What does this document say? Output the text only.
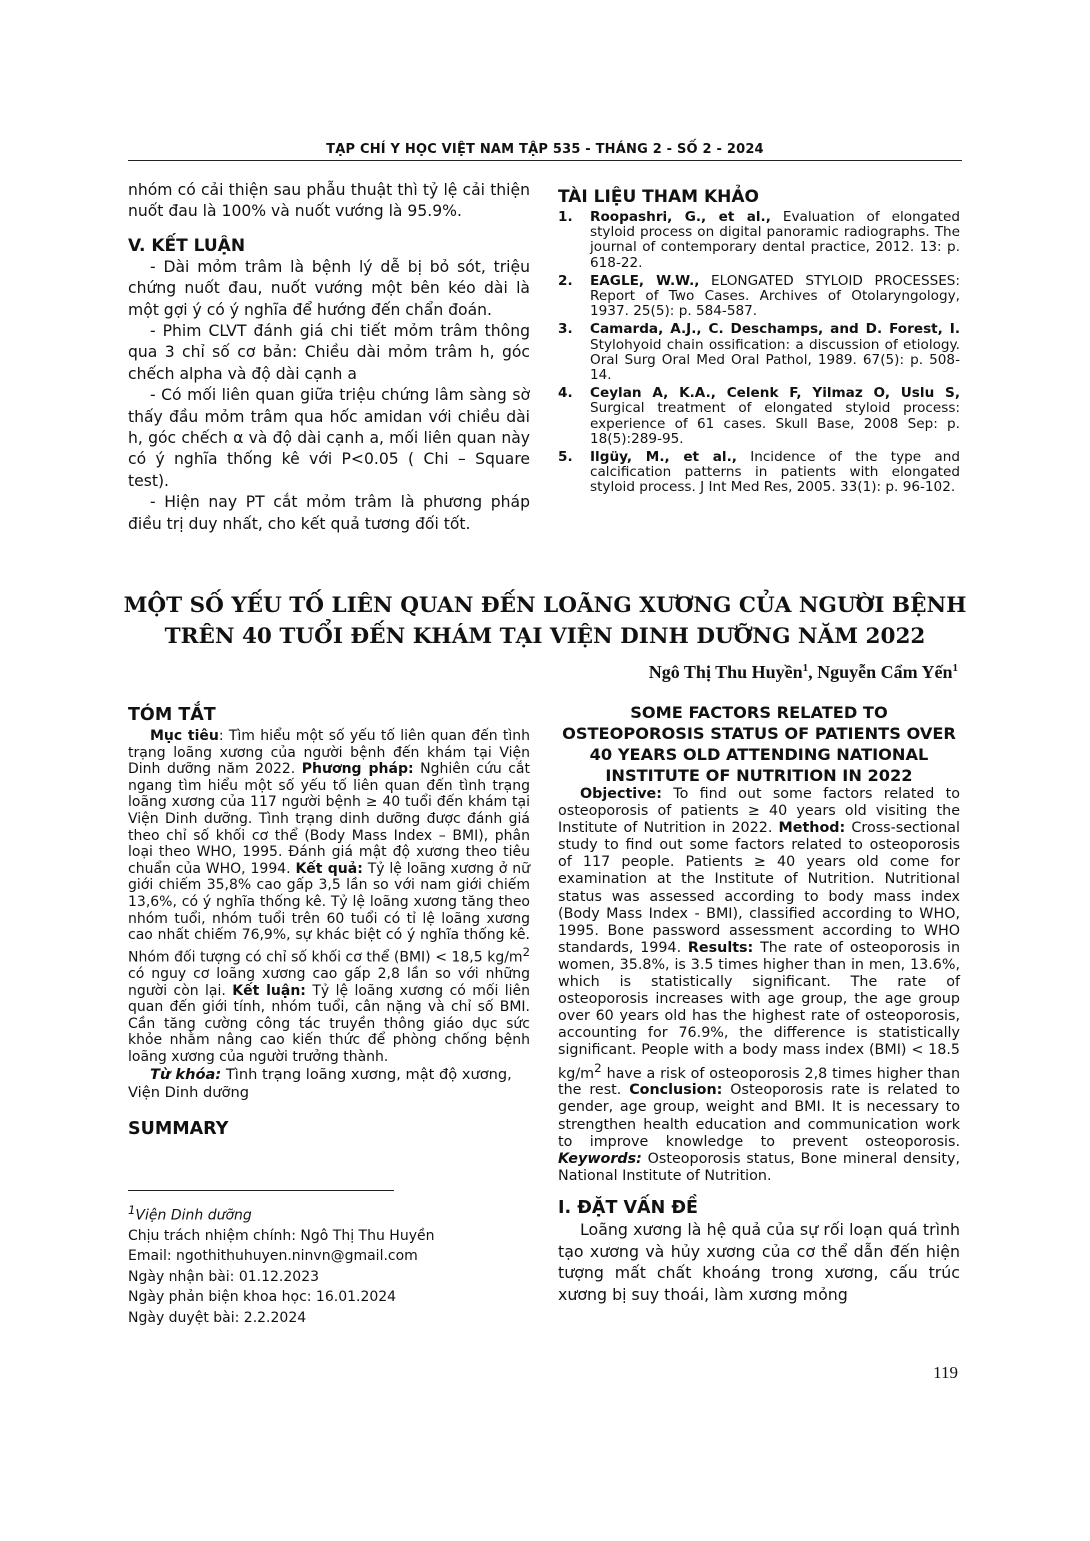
TẠP CHÍ Y HỌC VIỆT NAM TẬP 535 - THÁNG 2 - SỐ 2 - 2024

nhóm có cải thiện sau phẫu thuật thì tỷ lệ cải thiện nuốt đau là 100% và nuốt vướng là 95.9%.

V. KẾT LUẬN

- Dài mỏm trâm là bệnh lý dễ bị bỏ sót, triệu chứng nuốt đau, nuốt vướng một bên kéo dài là một gợi ý có ý nghĩa để hướng đến chẩn đoán.

- Phim CLVT đánh giá chi tiết mỏm trâm thông qua 3 chỉ số cơ bản: Chiều dài mỏm trâm h, góc chếch alpha và độ dài cạnh a

- Có mối liên quan giữa triệu chứng lâm sàng sờ thấy đầu mỏm trâm qua hốc amidan với chiều dài h, góc chếch α và độ dài cạnh a, mối liên quan này có ý nghĩa thống kê với P<0.05 ( Chi – Square test).

- Hiện nay PT cắt mỏm trâm là phương pháp điều trị duy nhất, cho kết quả tương đối tốt.

TÀI LIỆU THAM KHẢO
1.	Roopashri, G., et al., Evaluation of elongated styloid process on digital panoramic radiographs. The journal of contemporary dental practice, 2012. 13: p. 618-22.
2.	EAGLE, W.W., ELONGATED STYLOID PROCESSES: Report of Two Cases. Archives of Otolaryngology, 1937. 25(5): p. 584-587.
3.	Camarda, A.J., C. Deschamps, and D. Forest, I. Stylohyoid chain ossification: a discussion of etiology. Oral Surg Oral Med Oral Pathol, 1989. 67(5): p. 508-14.
4.	Ceylan A, K.A., Celenk F, Yilmaz O, Uslu S, Surgical treatment of elongated styloid process: experience of 61 cases. Skull Base, 2008 Sep: p. 18(5):289-95.
5.	Ilgüy, M., et al., Incidence of the type and calcification patterns in patients with elongated styloid process. J Int Med Res, 2005. 33(1): p. 96-102.
MỘT SỐ YẾU TỐ LIÊN QUAN ĐẾN LOÃNG XƯƠNG CỦA NGƯỜI BỆNH
TRÊN 40 TUỔI ĐẾN KHÁM TẠI VIỆN DINH DƯỠNG NĂM 2022
Ngô Thị Thu Huyền$^1$, Nguyễn Cẩm Yến$^1$
TÓM TẮT

Mục tiêu: Tìm hiểu một số yếu tố liên quan đến tình trạng loãng xương của người bệnh đến khám tại Viện Dinh dưỡng năm 2022. Phương pháp: Nghiên cứu cắt ngang tìm hiểu một số yếu tố liên quan đến tình trạng loãng xương của 117 người bệnh ≥ 40 tuổi đến khám tại Viện Dinh dưỡng. Tình trạng dinh dưỡng được đánh giá theo chỉ số khối cơ thể (Body Mass Index – BMI), phân loại theo WHO, 1995. Đánh giá mật độ xương theo tiêu chuẩn của WHO, 1994. Kết quả: Tỷ lệ loãng xương ở nữ giới chiếm 35,8% cao gấp 3,5 lần so với nam giới chiếm 13,6%, có ý nghĩa thống kê. Tỷ lệ loãng xương tăng theo nhóm tuổi, nhóm tuổi trên 60 tuổi có tỉ lệ loãng xương cao nhất chiếm 76,9%, sự khác biệt có ý nghĩa thống kê. Nhóm đối tượng có chỉ số khối cơ thể (BMI) < 18,5 $kg/m^2$ có nguy cơ loãng xương cao gấp 2,8 lần so với những người còn lại. Kết luận: Tỷ lệ loãng xương có mối liên quan đến giới tính, nhóm tuổi, cân nặng và chỉ số BMI. Cần tăng cường công tác truyền thông giáo dục sức khỏe nhằm nâng cao kiến thức để phòng chống bệnh loãng xương của người trưởng thành.

Từ khóa: Tình trạng loãng xương, mật độ xương, Viện Dinh dưỡng

SUMMARY
SOME FACTORS RELATED TO
OSTEOPOROSIS STATUS OF PATIENTS OVER
40 YEARS OLD ATTENDING NATIONAL
INSTITUTE OF NUTRITION IN 2022

Objective: To find out some factors related to osteoporosis of patients ≥ 40 years old visiting the Institute of Nutrition in 2022. Method: Cross-sectional study to find out some factors related to osteoporosis of 117 people. Patients ≥ 40 years old come for examination at the Institute of Nutrition. Nutritional status was assessed according to body mass index (Body Mass Index - BMI), classified according to WHO, 1995. Bone password assessment according to WHO standards, 1994. Results: The rate of osteoporosis in women, 35.8%, is 3.5 times higher than in men, 13.6%, which is statistically significant. The rate of osteoporosis increases with age group, the age group over 60 years old has the highest rate of osteoporosis, accounting for 76.9%, the difference is statistically significant. People with a body mass index (BMI) < 18.5 $kg/m^2$ have a risk of osteoporosis 2,8 times higher than the rest. Conclusion: Osteoporosis rate is related to gender, age group, weight and BMI. It is necessary to strengthen health education and communication work to improve knowledge to prevent osteoporosis. Keywords: Osteoporosis status, Bone mineral density, National Institute of Nutrition.

I. ĐẶT VẤN ĐỀ

Loãng xương là hệ quả của sự rối loạn quá trình tạo xương và hủy xương của cơ thể dẫn đến hiện tượng mất chất khoáng trong xương, cấu trúc xương bị suy thoái, làm xương mỏng

$^1$Viện Dinh dưỡng
Chịu trách nhiệm chính: Ngô Thị Thu Huyền
Email: ngothithuhuyen.ninvn@gmail.com
Ngày nhận bài: 01.12.2023
Ngày phản biện khoa học: 16.01.2024
Ngày duyệt bài: 2.2.2024
119
